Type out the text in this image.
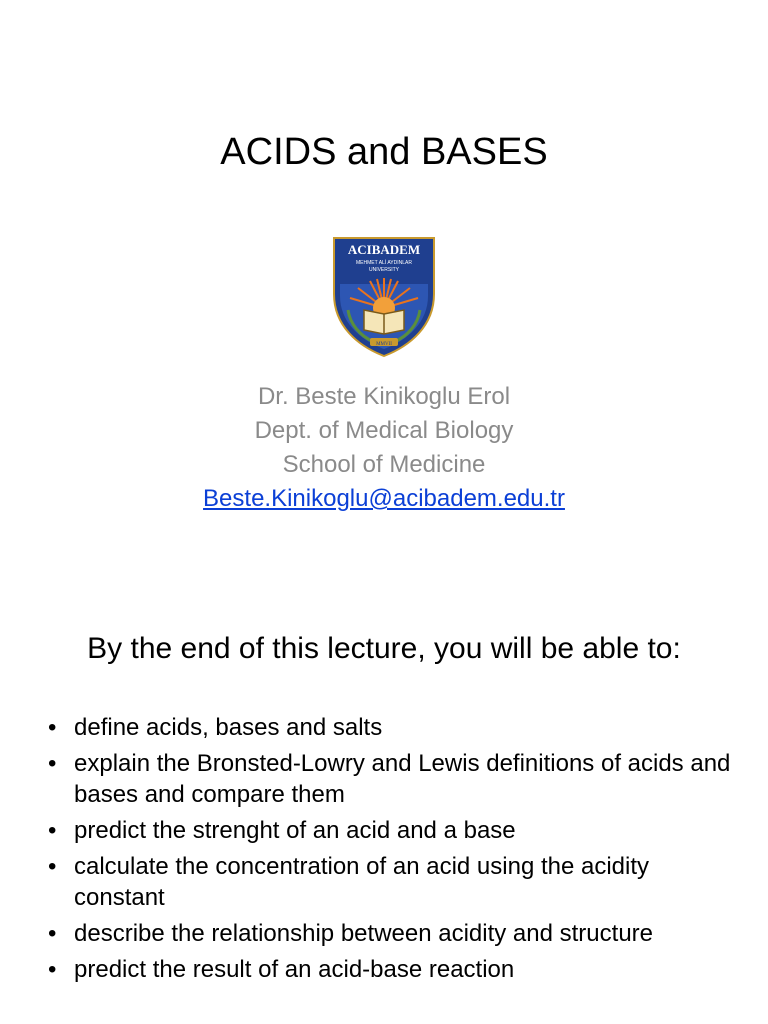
ACIDS and BASES
ACIBADEM
MEHMET ALİ AYDINLAR
UNIVERSITY
MMVII
Dr. Beste Kinikoglu Erol
Dept. of Medical Biology
School of Medicine
Beste.Kinikoglu@acibadem.edu.tr
By the end of this lecture, you will be able to:
• define acids, bases and salts
• explain the Bronsted-Lowry and Lewis definitions of acids and bases and compare them
• predict the strenght of an acid and a base
• calculate the concentration of an acid using the acidity constant
• describe the relationship between acidity and structure
• predict the result of an acid-base reaction
